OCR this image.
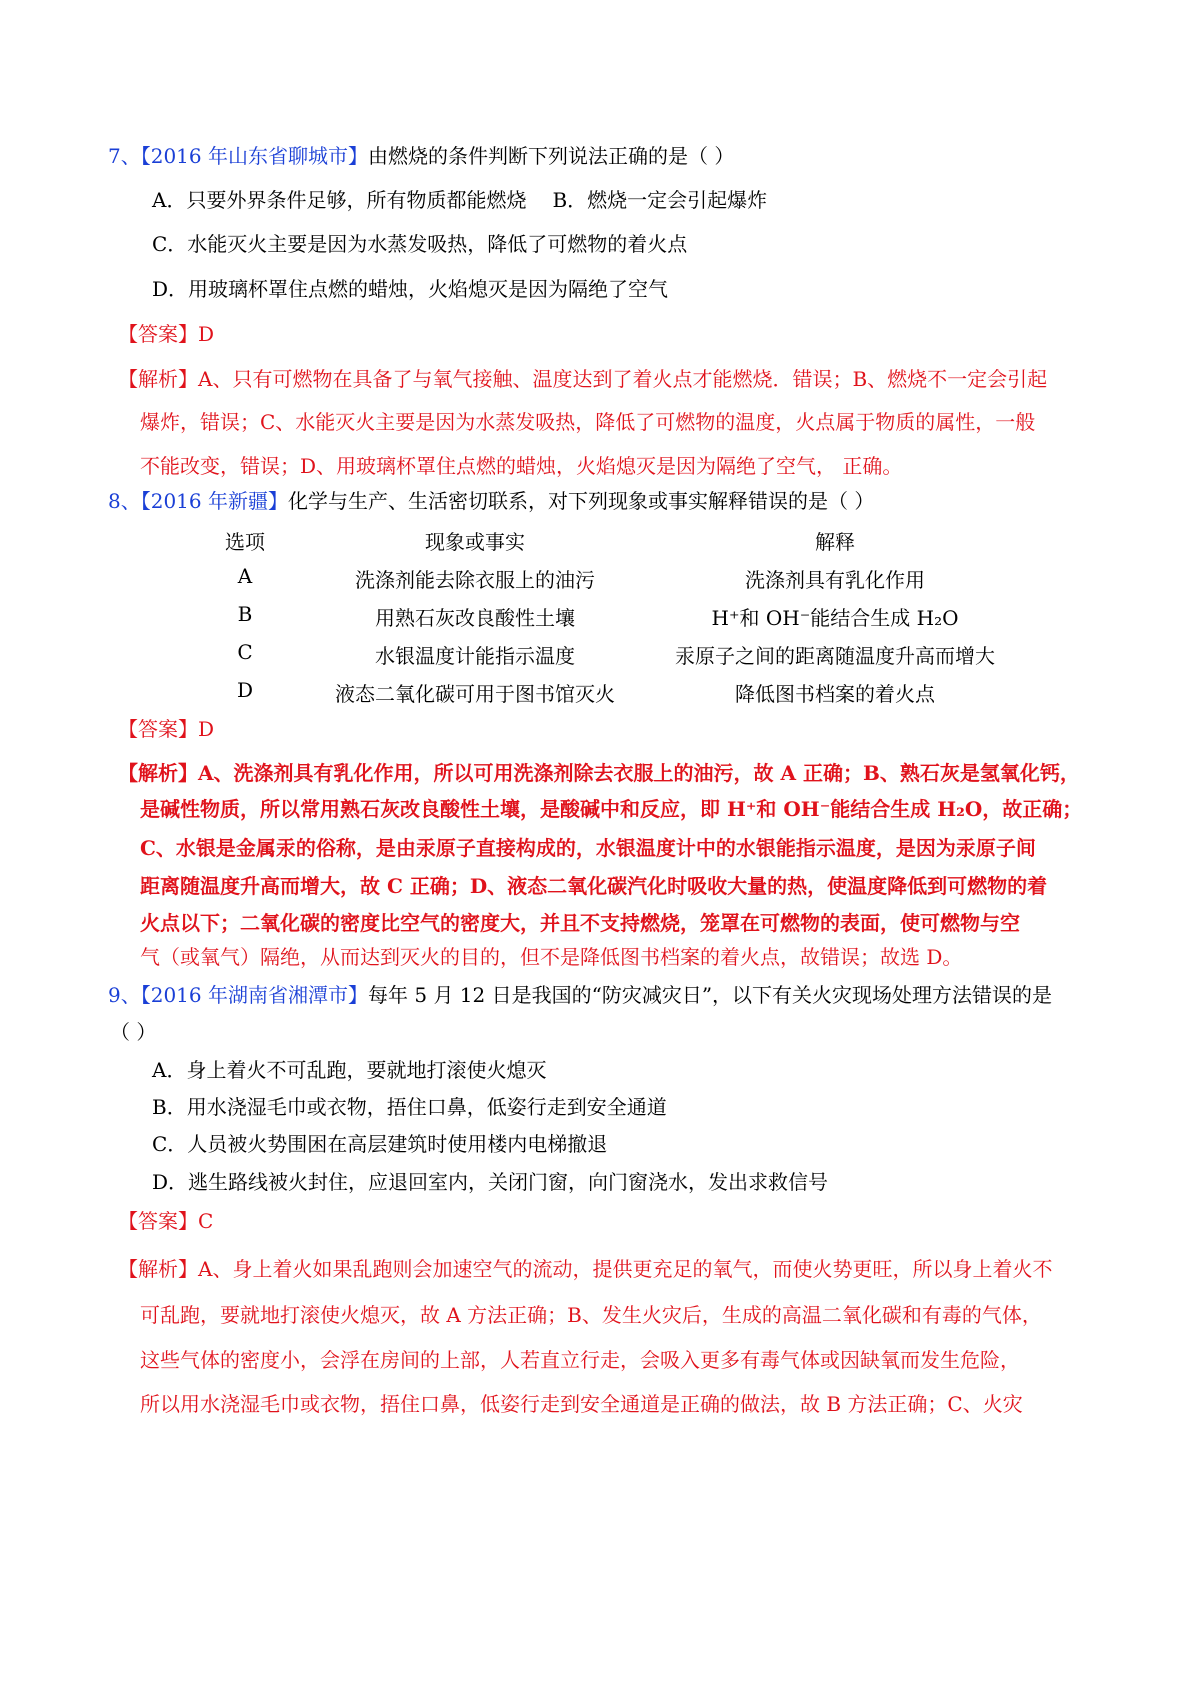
7、【2016 年山东省聊城市】由燃烧的条件判断下列说法正确的是（ ）
A．只要外界条件足够，所有物质都能燃烧 B．燃烧一定会引起爆炸
C．水能灭火主要是因为水蒸发吸热，降低了可燃物的着火点
D．用玻璃杯罩住点燃的蜡烛，火焰熄灭是因为隔绝了空气
【答案】D
【解析】A、只有可燃物在具备了与氧气接触、温度达到了着火点才能燃烧．错误；B、燃烧不一定会引起
爆炸，错误；C、水能灭火主要是因为水蒸发吸热，降低了可燃物的温度，火点属于物质的属性，一般
不能改变，错误；D、用玻璃杯罩住点燃的蜡烛，火焰熄灭是因为隔绝了空气， 正确。
8、【2016 年新疆】化学与生产、生活密切联系，对下列现象或事实解释错误的是（ ）
选项	现象或事实	解释
A	洗涤剂能去除衣服上的油污	洗涤剂具有乳化作用
B	用熟石灰改良酸性土壤	H⁺和 OH⁻能结合生成 H₂O
C	水银温度计能指示温度	汞原子之间的距离随温度升高而增大
D	液态二氧化碳可用于图书馆灭火	降低图书档案的着火点
【答案】D
【解析】A、洗涤剂具有乳化作用，所以可用洗涤剂除去衣服上的油污，故 A 正确；B、熟石灰是氢氧化钙，
是碱性物质，所以常用熟石灰改良酸性土壤，是酸碱中和反应，即 H⁺和 OH⁻能结合生成 H₂O，故正确；
C、水银是金属汞的俗称，是由汞原子直接构成的，水银温度计中的水银能指示温度，是因为汞原子间
距离随温度升高而增大，故 C 正确；D、液态二氧化碳汽化时吸收大量的热，使温度降低到可燃物的着
火点以下；二氧化碳的密度比空气的密度大，并且不支持燃烧，笼罩在可燃物的表面，使可燃物与空
气（或氧气）隔绝，从而达到灭火的目的，但不是降低图书档案的着火点，故错误；故选 D。
9、【2016 年湖南省湘潭市】每年 5 月 12 日是我国的“防灾减灾日”，以下有关火灾现场处理方法错误的是
（ ）
A．身上着火不可乱跑，要就地打滚使火熄灭
B．用水浇湿毛巾或衣物，捂住口鼻，低姿行走到安全通道
C．人员被火势围困在高层建筑时使用楼内电梯撤退
D．逃生路线被火封住，应退回室内，关闭门窗，向门窗浇水，发出求救信号
【答案】C
【解析】A、身上着火如果乱跑则会加速空气的流动，提供更充足的氧气，而使火势更旺，所以身上着火不
可乱跑，要就地打滚使火熄灭，故 A 方法正确；B、发生火灾后，生成的高温二氧化碳和有毒的气体，
这些气体的密度小，会浮在房间的上部，人若直立行走，会吸入更多有毒气体或因缺氧而发生危险，
所以用水浇湿毛巾或衣物，捂住口鼻，低姿行走到安全通道是正确的做法，故 B 方法正确；C、火灾
